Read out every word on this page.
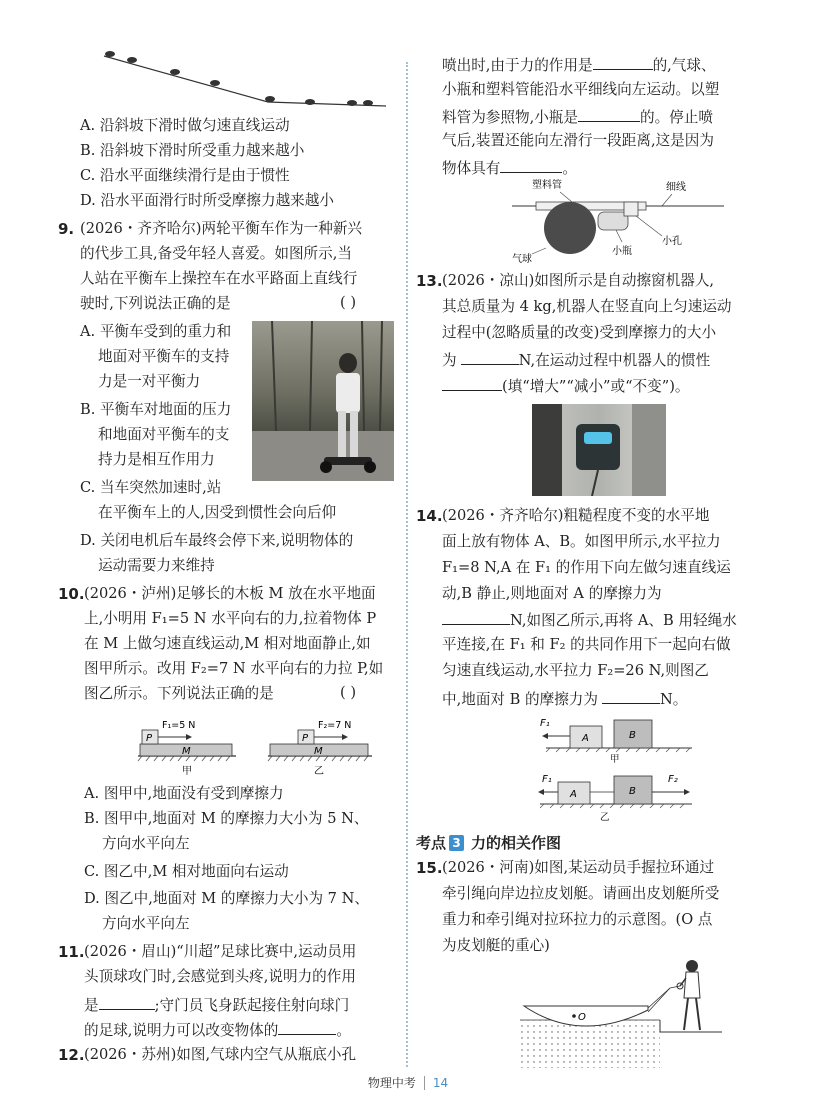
A. 沿斜坡下滑时做匀速直线运动
B. 沿斜坡下滑时所受重力越来越小
C. 沿水平面继续滑行是由于惯性
D. 沿水平面滑行时所受摩擦力越来越小
9. (2026・齐齐哈尔)两轮平衡车作为一种新兴
的代步工具,备受年轻人喜爱。如图所示,当
人站在平衡车上操控车在水平路面上直线行
驶时,下列说法正确的是	( )
A. 平衡车受到的重力和
地面对平衡车的支持
力是一对平衡力
B. 平衡车对地面的压力
和地面对平衡车的支
持力是相互作用力
C. 当车突然加速时,站
在平衡车上的人,因受到惯性会向后仰
D. 关闭电机后车最终会停下来,说明物体的
运动需要力来维持
10. (2026・泸州)足够长的木板 M 放在水平地面
上,小明用 F₁=5 N 水平向右的力,拉着物体 P
在 M 上做匀速直线运动,M 相对地面静止,如
图甲所示。改用 F₂=7 N 水平向右的力拉 P,如
图乙所示。下列说法正确的是	( )
P
M
F₁=5 N
甲
P
M
F₂=7 N
乙
A. 图甲中,地面没有受到摩擦力
B. 图甲中,地面对 M 的摩擦力大小为 5 N、
方向水平向左
C. 图乙中,M 相对地面向右运动
D. 图乙中,地面对 M 的摩擦力大小为 7 N、
方向水平向左
11. (2026・眉山)“川超”足球比赛中,运动员用
头顶球攻门时,会感觉到头疼,说明力的作用
是	;守门员飞身跃起接住射向球门
的足球,说明力可以改变物体的	。
12. (2026・苏州)如图,气球内空气从瓶底小孔
喷出时,由于力的作用是	的,气球、
小瓶和塑料管能沿水平细线向左运动。以塑
料管为参照物,小瓶是	的。停止喷
气后,装置还能向左滑行一段距离,这是因为
物体具有	。
塑料管	细线
小孔
小瓶
气球
13. (2026・凉山)如图所示是自动擦窗机器人,
其总质量为 4 kg,机器人在竖直向上匀速运动
过程中(忽略质量的改变)受到摩擦力的大小
为	N,在运动过程中机器人的惯性
(填“增大”“减小”或“不变”)。
14. (2026・齐齐哈尔)粗糙程度不变的水平地
面上放有物体 A、B。如图甲所示,水平拉力
F₁=8 N,A 在 F₁ 的作用下向左做匀速直线运
动,B 静止,则地面对 A 的摩擦力为
N,如图乙所示,再将 A、B 用轻绳水
平连接,在 F₁ 和 F₂ 的共同作用下一起向右做
匀速直线运动,水平拉力 F₂=26 N,则图乙
中,地面对 B 的摩擦力为	N。
F₁
A	B
甲
F₁	F₂
A	B
乙
考点 3 力的相关作图
15. (2026・河南)如图,某运动员手握拉环通过
牵引绳向岸边拉皮划艇。请画出皮划艇所受
重力和牵引绳对拉环拉力的示意图。(O 点
为皮划艇的重心)
O
物理中考 14
